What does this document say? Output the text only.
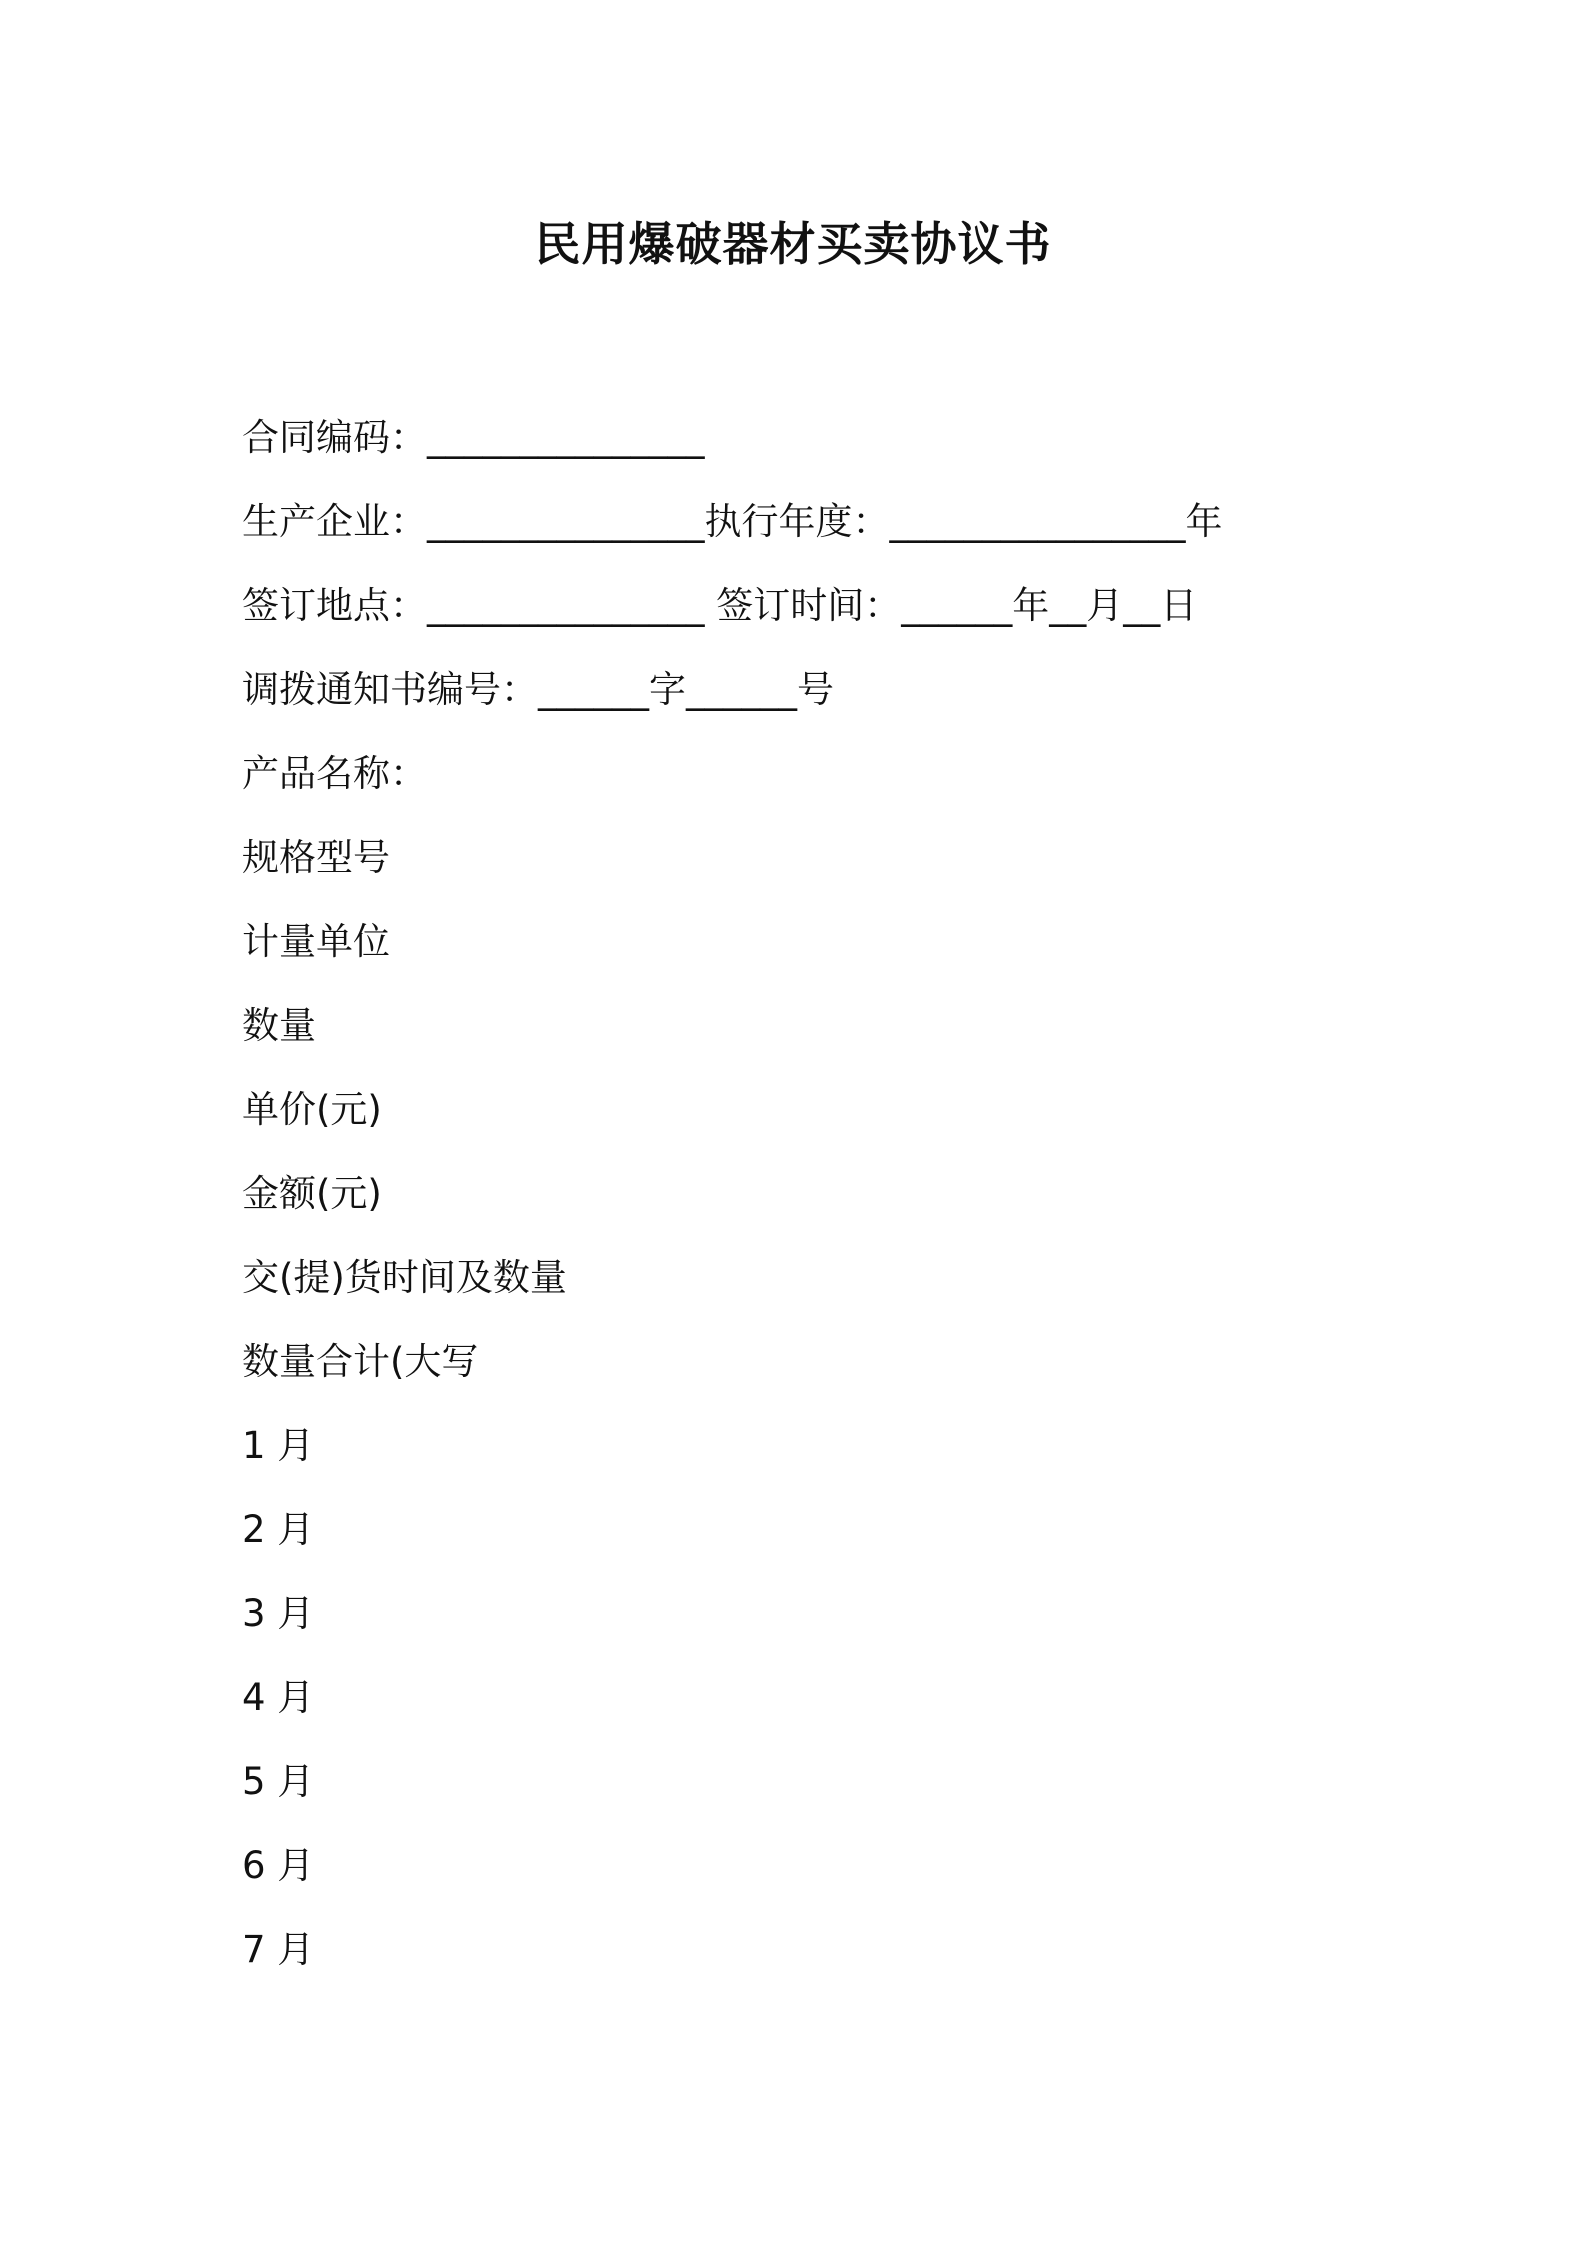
民用爆破器材买卖协议书
合同编码：_______________
生产企业：_______________执行年度：________________年
签订地点：_______________ 签订时间：______年__月__日
调拨通知书编号：______字______号
产品名称：
规格型号
计量单位
数量
单价(元)
金额(元)
交(提)货时间及数量
数量合计(大写
1 月
2 月
3 月
4 月
5 月
6 月
7 月
